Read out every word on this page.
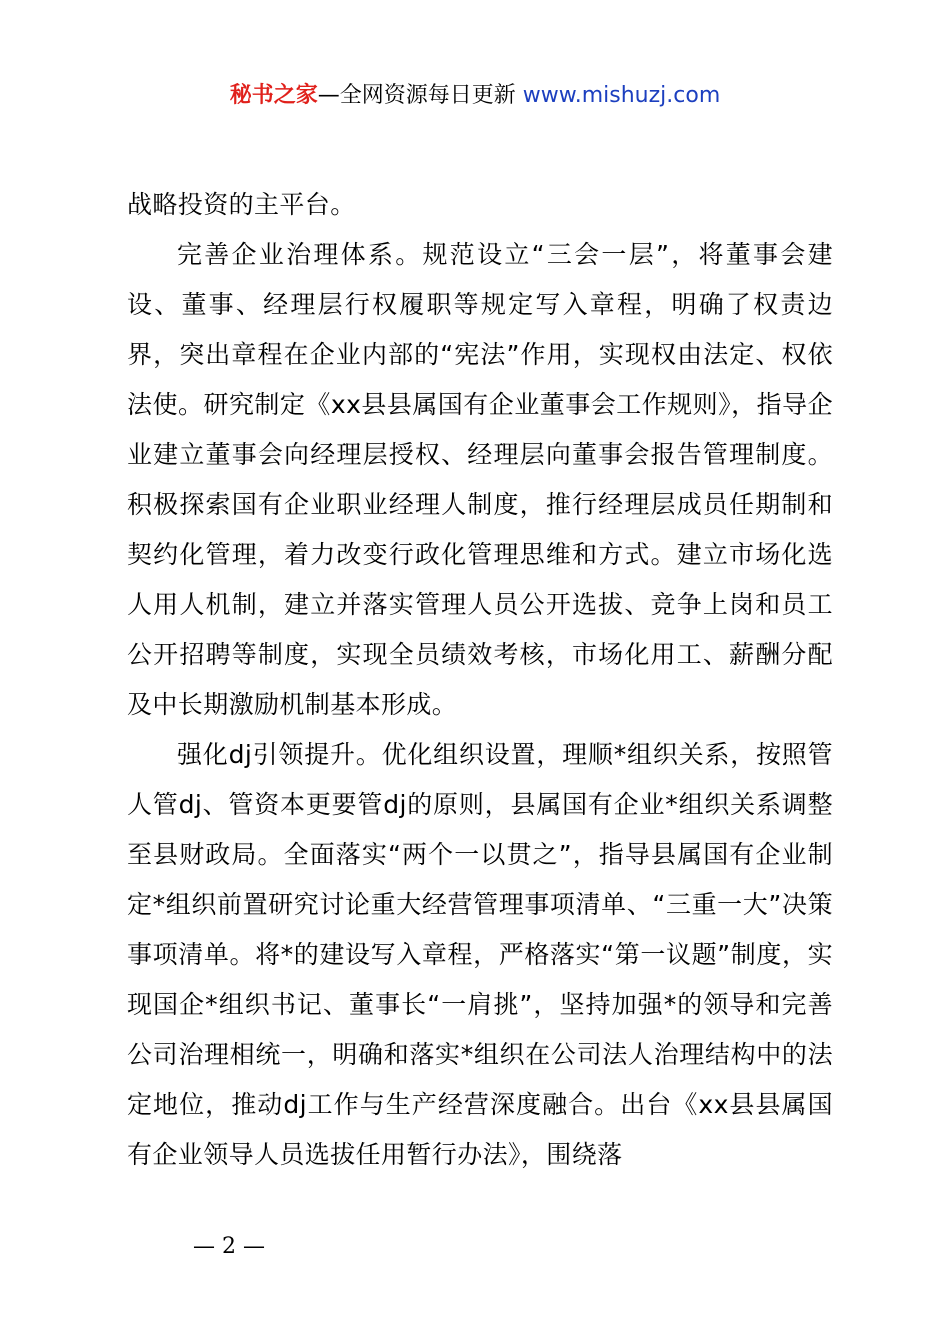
秘书之家—全网资源每日更新 www.mishuzj.com

战略投资的主平台。

完善企业治理体系。规范设立“三会一层”，将董事会建设、董事、经理层行权履职等规定写入章程，明确了权责边界，突出章程在企业内部的“宪法”作用，实现权由法定、权依法使。研究制定《xx县县属国有企业董事会工作规则》，指导企业建立董事会向经理层授权、经理层向董事会报告管理制度。积极探索国有企业职业经理人制度，推行经理层成员任期制和契约化管理，着力改变行政化管理思维和方式。建立市场化选人用人机制，建立并落实管理人员公开选拔、竞争上岗和员工公开招聘等制度，实现全员绩效考核，市场化用工、薪酬分配及中长期激励机制基本形成。

强化dj引领提升。优化组织设置，理顺*组织关系，按照管人管dj、管资本更要管dj的原则，县属国有企业*组织关系调整至县财政局。全面落实“两个一以贯之”，指导县属国有企业制定*组织前置研究讨论重大经营管理事项清单、“三重一大”决策事项清单。将*的建设写入章程，严格落实“第一议题”制度，实现国企*组织书记、董事长“一肩挑”，坚持加强*的领导和完善公司治理相统一，明确和落实*组织在公司法人治理结构中的法定地位，推动dj工作与生产经营深度融合。出台《xx县县属国有企业领导人员选拔任用暂行办法》，围绕落

— 2 —
